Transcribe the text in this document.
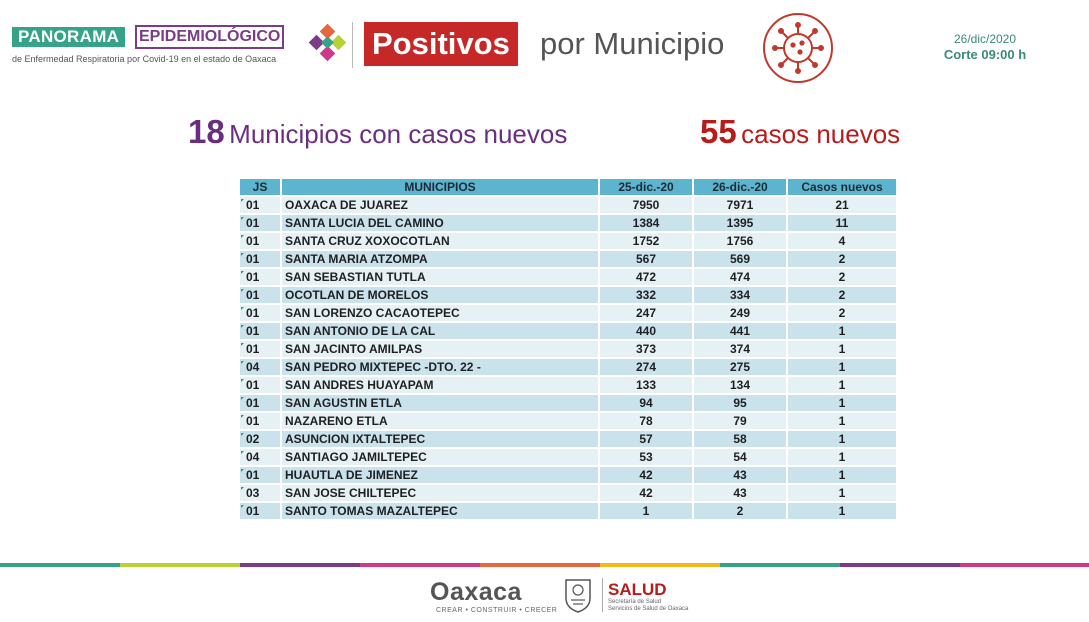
PANORAMA	EPIDEMIOLÓGICO
de Enfermedad Respiratoria por Covid-19 en el estado de Oaxaca	Positivos por Municipio	26/dic/2020
Corte 09:00 h
18 Municipios con casos nuevos	55 casos nuevos
JS	MUNICIPIOS	25-dic.-20	26-dic.-20	Casos nuevos
01	OAXACA DE JUAREZ	7950	7971	21
01	SANTA LUCIA DEL CAMINO	1384	1395	11
01	SANTA CRUZ XOXOCOTLAN	1752	1756	4
01	SANTA MARIA ATZOMPA	567	569	2
01	SAN SEBASTIAN TUTLA	472	474	2
01	OCOTLAN DE MORELOS	332	334	2
01	SAN LORENZO CACAOTEPEC	247	249	2
01	SAN ANTONIO DE LA CAL	440	441	1
01	SAN JACINTO AMILPAS	373	374	1
04	SAN PEDRO MIXTEPEC -DTO. 22 -	274	275	1
01	SAN ANDRES HUAYAPAM	133	134	1
01	SAN AGUSTIN ETLA	94	95	1
01	NAZARENO ETLA	78	79	1
02	ASUNCION IXTALTEPEC	57	58	1
04	SANTIAGO JAMILTEPEC	53	54	1
01	HUAUTLA DE JIMENEZ	42	43	1
03	SAN JOSE CHILTEPEC	42	43	1
01	SANTO TOMAS MAZALTEPEC	1	2	1
Oaxaca
CREAR • CONSTRUIR • CRECER
SALUD
Secretaría de Salud
Servicios de Salud de Oaxaca
